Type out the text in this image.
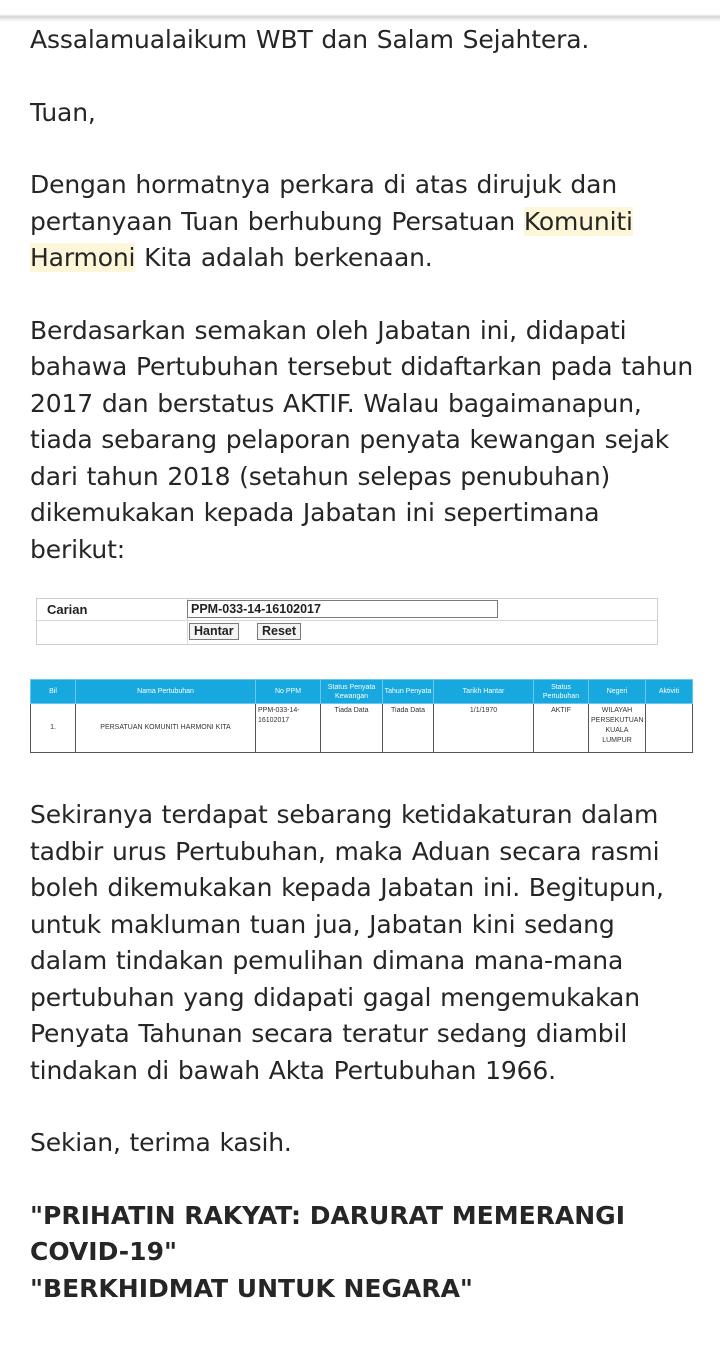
Assalamualaikum WBT dan Salam Sejahtera.

Tuan,

Dengan hormatnya perkara di atas dirujuk dan pertanyaan Tuan berhubung Persatuan Komuniti Harmoni Kita adalah berkenaan.

Berdasarkan semakan oleh Jabatan ini, didapati bahawa Pertubuhan tersebut didaftarkan pada tahun 2017 dan berstatus AKTIF. Walau bagaimanapun, tiada sebarang pelaporan penyata kewangan sejak dari tahun 2018 (setahun selepas penubuhan) dikemukakan kepada Jabatan ini sepertimana berikut:

Carian	PPM-033-14-16102017
Hantar	Reset
Bil	Nama Pertubuhan	No PPM	Status Penyata Kewangan	Tahun Penyata	Tarikh Hantar	Status Pertubuhan	Negeri	Aktiviti
1.	PERSATUAN KOMUNITI HARMONI KITA	PPM-033-14-16102017	Tiada Data	Tiada Data	1/1/1970	AKTIF	WILAYAH PERSEKUTUAN KUALA LUMPUR	

Sekiranya terdapat sebarang ketidakaturan dalam tadbir urus Pertubuhan, maka Aduan secara rasmi boleh dikemukakan kepada Jabatan ini. Begitupun, untuk makluman tuan jua, Jabatan kini sedang dalam tindakan pemulihan dimana mana-mana pertubuhan yang didapati gagal mengemukakan Penyata Tahunan secara teratur sedang diambil tindakan di bawah Akta Pertubuhan 1966.

Sekian, terima kasih.

"PRIHATIN RAKYAT: DARURAT MEMERANGI COVID-19"

"BERKHIDMAT UNTUK NEGARA"
